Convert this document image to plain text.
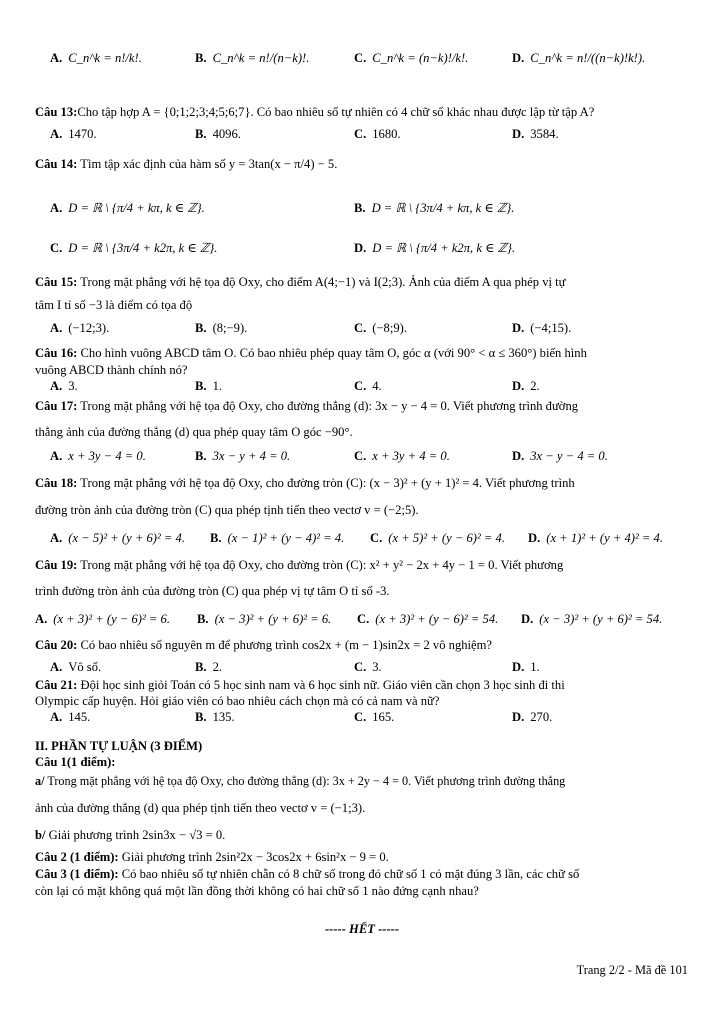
A. C_n^k = n!/k!.	B. C_n^k = n!/(n−k)!.	C. C_n^k = (n−k)!/k!.	D. C_n^k = n!/((n−k)!k!).
Câu 13:Cho tập hợp A = {0;1;2;3;4;5;6;7}. Có bao nhiêu số tự nhiên có 4 chữ số khác nhau được lập từ tập A?
A. 1470.	B. 4096.	C. 1680.	D. 3584.
Câu 14: Tìm tập xác định của hàm số y = 3tan(x − π/4) − 5.
A. D = ℝ \ {π/4 + kπ, k ∈ ℤ}.	B. D = ℝ \ {3π/4 + kπ, k ∈ ℤ}.
C. D = ℝ \ {3π/4 + k2π, k ∈ ℤ}.	D. D = ℝ \ {π/4 + k2π, k ∈ ℤ}.
Câu 15: Trong mặt phẳng với hệ tọa độ Oxy, cho điểm A(4;−1) và I(2;3). Ảnh của điểm A qua phép vị tự
tâm I tỉ số −3 là điểm có tọa độ
A. (−12;3).	B. (8;−9).	C. (−8;9).	D. (−4;15).
Câu 16: Cho hình vuông ABCD tâm O. Có bao nhiêu phép quay tâm O, góc α (với 90° < α ≤ 360°) biến hình
vuông ABCD thành chính nó?
A. 3.	B. 1.	C. 4.	D. 2.
Câu 17: Trong mặt phẳng với hệ tọa độ Oxy, cho đường thẳng (d): 3x − y − 4 = 0. Viết phương trình đường
thẳng ảnh của đường thẳng (d) qua phép quay tâm O góc −90°.
A. x + 3y − 4 = 0.	B. 3x − y + 4 = 0.	C. x + 3y + 4 = 0.	D. 3x − y − 4 = 0.
Câu 18: Trong mặt phẳng với hệ tọa độ Oxy, cho đường tròn (C): (x − 3)² + (y + 1)² = 4. Viết phương trình
đường tròn ảnh của đường tròn (C) qua phép tịnh tiến theo vectơ v = (−2;5).
A. (x − 5)² + (y + 6)² = 4. B. (x − 1)² + (y − 4)² = 4. C. (x + 5)² + (y − 6)² = 4. D. (x + 1)² + (y + 4)² = 4.
Câu 19: Trong mặt phẳng với hệ tọa độ Oxy, cho đường tròn (C): x² + y² − 2x + 4y − 1 = 0. Viết phương
trình đường tròn ảnh của đường tròn (C) qua phép vị tự tâm O tỉ số -3.
A. (x + 3)² + (y − 6)² = 6. B. (x − 3)² + (y + 6)² = 6. C. (x + 3)² + (y − 6)² = 54. D. (x − 3)² + (y + 6)² = 54.
Câu 20: Có bao nhiêu số nguyên m để phương trình cos2x + (m − 1)sin2x = 2 vô nghiệm?
A. Vô số.	B. 2.	C. 3.	D. 1.
Câu 21: Đội học sinh giỏi Toán có 5 học sinh nam và 6 học sinh nữ. Giáo viên cần chọn 3 học sinh đi thi
Olympic cấp huyện. Hỏi giáo viên có bao nhiêu cách chọn mà có cả nam và nữ?
A. 145.	B. 135.	C. 165.	D. 270.
II. PHẦN TỰ LUẬN (3 ĐIỂM)
Câu 1(1 điểm):
a/ Trong mặt phẳng với hệ tọa độ Oxy, cho đường thẳng (d): 3x + 2y − 4 = 0. Viết phương trình đường thẳng
ảnh của đường thẳng (d) qua phép tịnh tiến theo vectơ v = (−1;3).
b/ Giải phương trình 2sin3x − √3 = 0.
Câu 2 (1 điểm): Giải phương trình 2sin²2x − 3cos2x + 6sin²x − 9 = 0.
Câu 3 (1 điểm): Có bao nhiêu số tự nhiên chẵn có 8 chữ số trong đó chữ số 1 có mặt đúng 3 lần, các chữ số
còn lại có mặt không quá một lần đồng thời không có hai chữ số 1 nào đứng cạnh nhau?
----- HẾT -----
Trang 2/2 - Mã đề 101
